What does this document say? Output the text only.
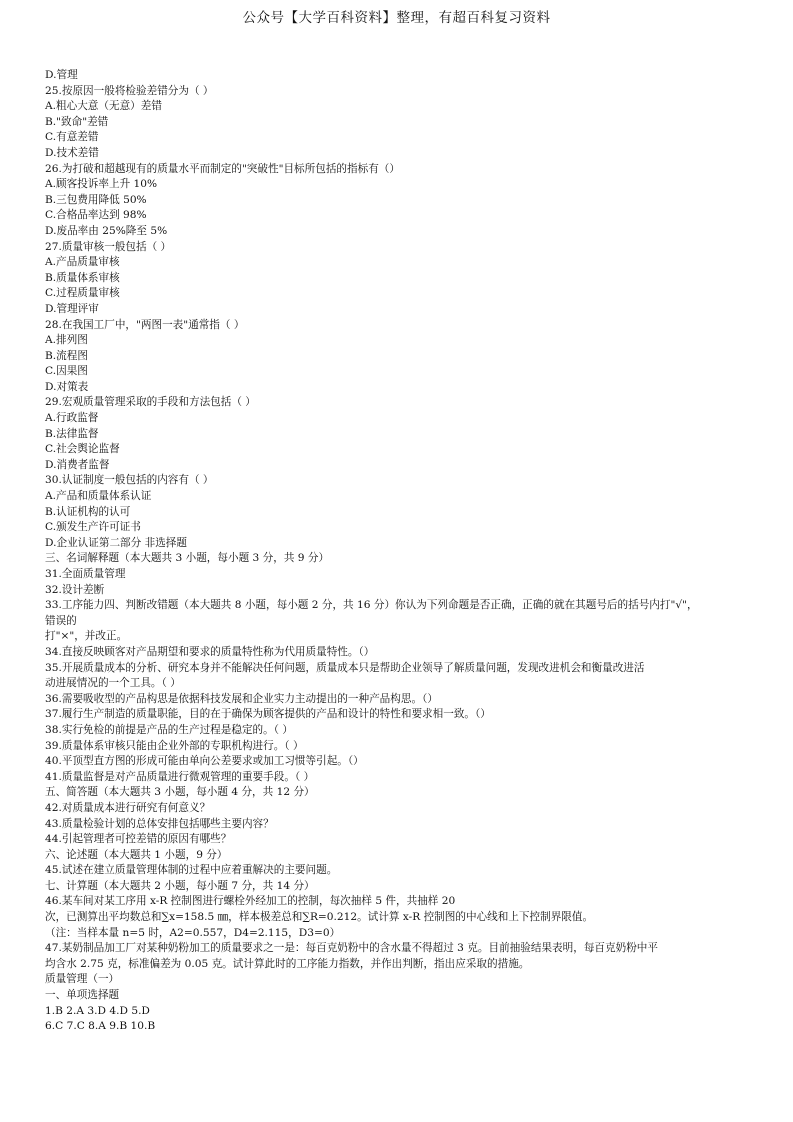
公众号【大学百科资料】整理，有超百科复习资料
D.管理
25.按原因一般将检验差错分为（ ）
A.粗心大意（无意）差错
B."致命"差错
C.有意差错
D.技术差错
26.为打破和超越现有的质量水平而制定的"突破性"目标所包括的指标有（）
A.顾客投诉率上升 10%
B.三包费用降低 50%
C.合格品率达到 98%
D.废品率由 25%降至 5%
27.质量审核一般包括（ ）
A.产品质量审核
B.质量体系审核
C.过程质量审核
D.管理评审
28.在我国工厂中，"两图一表"通常指（ ）
A.排列图
B.流程图
C.因果图
D.对策表
29.宏观质量管理采取的手段和方法包括（ ）
A.行政监督
B.法律监督
C.社会舆论监督
D.消费者监督
30.认证制度一般包括的内容有（ ）
A.产品和质量体系认证
B.认证机构的认可
C.颁发生产许可证书
D.企业认证第二部分 非选择题
三、名词解释题（本大题共 3 小题，每小题 3 分，共 9 分）
31.全面质量管理
32.设计差断
33.工序能力四、判断改错题（本大题共 8 小题，每小题 2 分，共 16 分）你认为下列命题是否正确，正确的就在其题号后的括号内打"√"，
错误的
打"×"，并改正。
34.直接反映顾客对产品期望和要求的质量特性称为代用质量特性。（）
35.开展质量成本的分析、研究本身并不能解决任何问题，质量成本只是帮助企业领导了解质量问题，发现改进机会和衡量改进活
动进展情况的一个工具。（ ）
36.需要吸收型的产品构思是依据科技发展和企业实力主动提出的一种产品构思。（）
37.履行生产制造的质量职能，目的在于确保为顾客提供的产品和设计的特性和要求相一致。（）
38.实行免检的前提是产品的生产过程是稳定的。（ ）
39.质量体系审核只能由企业外部的专职机构进行。（ ）
40.平顶型直方图的形成可能由单向公差要求或加工习惯等引起。（）
41.质量监督是对产品质量进行微观管理的重要手段。（ ）
五、简答题（本大题共 3 小题，每小题 4 分，共 12 分）
42.对质量成本进行研究有何意义？
43.质量检验计划的总体安排包括哪些主要内容？
44.引起管理者可控差错的原因有哪些？
六、论述题（本大题共 1 小题，9 分）
45.试述在建立质量管理体制的过程中应着重解决的主要问题。
七、计算题（本大题共 2 小题，每小题 7 分，共 14 分）
46.某车间对某工序用 x-R 控制图进行螺栓外经加工的控制，每次抽样 5 件，共抽样 20
次，已测算出平均数总和∑x=158.5 ㎜，样本极差总和∑R=0.212。试计算 x-R 控制图的中心线和上下控制界限值。
（注：当样本量 n=5 时，A2=0.557，D4=2.115，D3=0）
47.某奶制品加工厂对某种奶粉加工的质量要求之一是：每百克奶粉中的含水量不得超过 3 克。目前抽验结果表明，每百克奶粉中平
均含水 2.75 克，标准偏差为 0.05 克。试计算此时的工序能力指数，并作出判断，指出应采取的措施。
质量管理（一）
一、单项选择题
1.B 2.A 3.D 4.D 5.D
6.C 7.C 8.A 9.B 10.B
